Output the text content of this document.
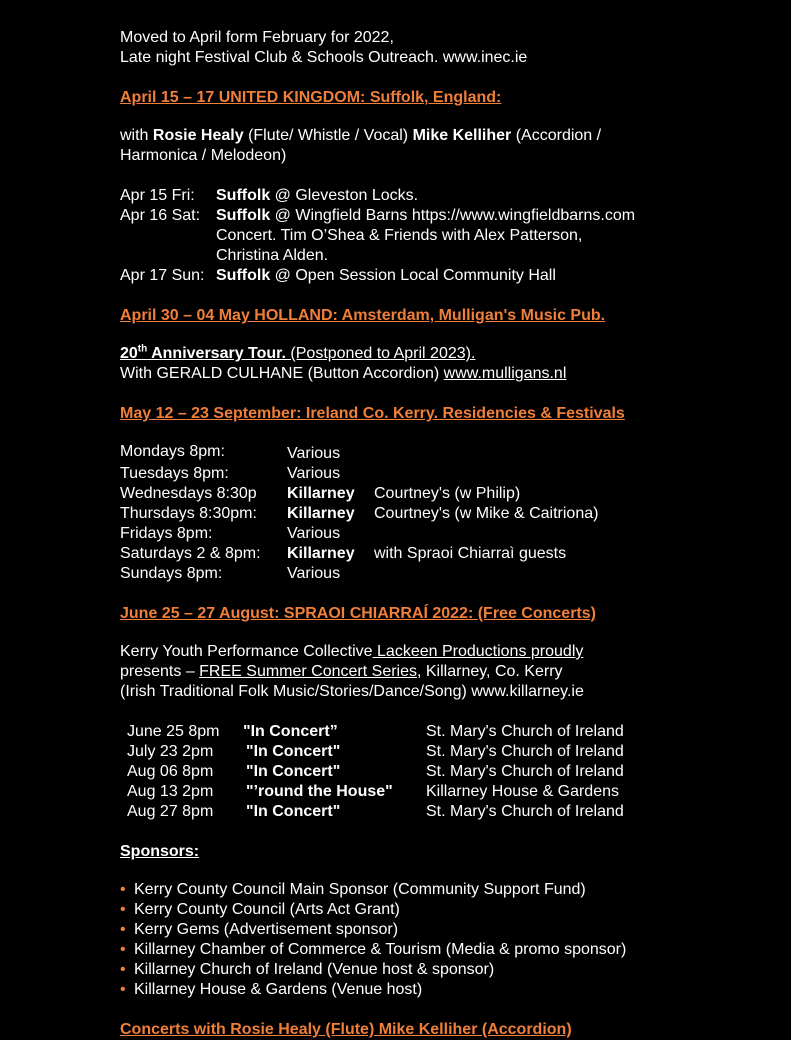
Moved to April form February for 2022,

Late night Festival Club & Schools Outreach. www.inec.ie

April 15 – 17 UNITED KINGDOM: Suffolk, England:

with Rosie Healy (Flute/ Whistle / Vocal) Mike Kelliher (Accordion /

Harmonica / Melodeon)

Apr 15 Fri:	Suffolk @ Gleveston Locks.
Apr 16 Sat: Suffolk @ Wingfield Barns https://www.wingfieldbarns.com
Concert. Tim O’Shea & Friends with Alex Patterson,
Christina Alden.
Apr 17 Sun: Suffolk @ Open Session Local Community Hall

April 30 – 04 May HOLLAND: Amsterdam, Mulligan's Music Pub.

20th Anniversary Tour. (Postponed to April 2023).

With GERALD CULHANE (Button Accordion) www.mulligans.nl

May 12 – 23 September: Ireland Co. Kerry. Residencies & Festivals

Mondays 8pm:	Various
Tuesdays 8pm:	Various
Wednesdays 8:30p	Killarney	Courtney's (w Philip)
Thursdays 8:30pm:	Killarney	Courtney's (w Mike & Caitriona)
Fridays 8pm:	Various
Saturdays 2 & 8pm:	Killarney	with Spraoi Chiarraì guests
Sundays 8pm:	Various

June 25 – 27 August: SPRAOI CHIARRAÍ 2022: (Free Concerts)

Kerry Youth Performance Collective Lackeen Productions proudly

presents – FREE Summer Concert Series, Killarney, Co. Kerry

(Irish Traditional Folk Music/Stories/Dance/Song) www.killarney.ie

June 25 8pm	"In Concert”	St. Mary's Church of Ireland
July 23 2pm	"In Concert"	St. Mary's Church of Ireland
Aug 06 8pm	"In Concert"	St. Mary's Church of Ireland
Aug 13 2pm	"’round the House"	Killarney House & Gardens
Aug 27 8pm	"In Concert"	St. Mary's Church of Ireland

Sponsors:

• Kerry County Council Main Sponsor (Community Support Fund)
• Kerry County Council (Arts Act Grant)
• Kerry Gems (Advertisement sponsor)
• Killarney Chamber of Commerce & Tourism (Media & promo sponsor)
• Killarney Church of Ireland (Venue host & sponsor)
• Killarney House & Gardens (Venue host)

Concerts with Rosie Healy (Flute) Mike Kelliher (Accordion)
